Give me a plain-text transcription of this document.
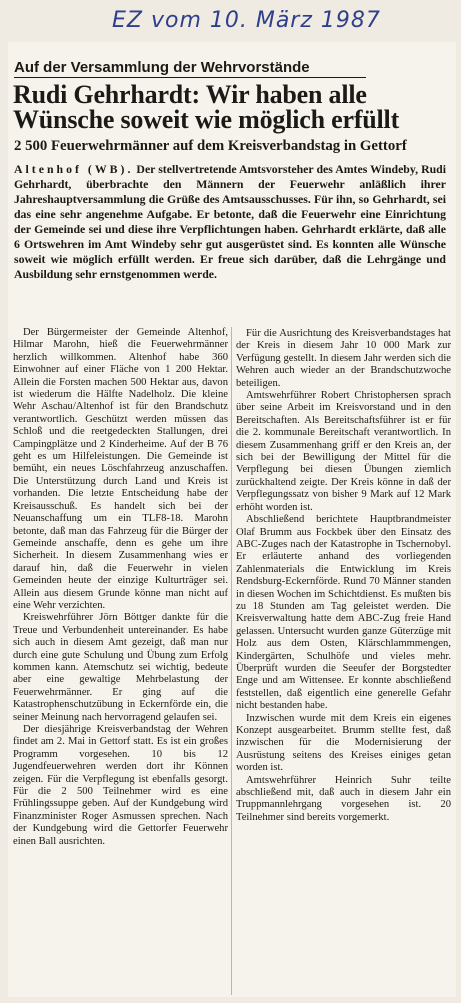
EZ vom 10. März 1987
Auf der Versammlung der Wehrvorstände
Rudi Gehrhardt: Wir haben alle Wünsche soweit wie möglich erfüllt
2 500 Feuerwehrmänner auf dem Kreisverbandstag in Gettorf
Altenhof (WB). Der stellvertretende Amtsvorsteher des Amtes Windeby, Rudi Gehrhardt, überbrachte den Männern der Feuerwehr anläßlich ihrer Jahreshauptversammlung die Grüße des Amtsausschusses. Für ihn, so Gehrhardt, sei das eine sehr angenehme Aufgabe. Er betonte, daß die Feuerwehr eine Einrichtung der Gemeinde sei und diese ihre Verpflichtungen haben. Gehrhardt erklärte, daß alle 6 Ortswehren im Amt Windeby sehr gut ausgerüstet sind. Es konnten alle Wünsche soweit wie möglich erfüllt werden. Er freue sich darüber, daß die Lehrgänge und Ausbildung sehr ernstgenommen werde.

Der Bürgermeister der Gemeinde Altenhof, Hilmar Marohn, hieß die Feuerwehrmänner herzlich willkommen. Altenhof habe 360 Einwohner auf einer Fläche von 1 200 Hektar. Allein die Forsten machen 500 Hektar aus, davon ist wiederum die Hälfte Nadelholz. Die kleine Wehr Aschau/Altenhof ist für den Brandschutz verantwortlich. Geschützt werden müssen das Schloß und die reetgedeckten Stallungen, drei Campingplätze und 2 Kinderheime. Auf der B 76 geht es um Hilfeleistungen. Die Gemeinde ist bemüht, ein neues Löschfahrzeug anzuschaffen. Die Unterstützung durch Land und Kreis ist vorhanden. Die letzte Entscheidung habe der Kreisausschuß. Es handelt sich bei der Neuanschaffung um ein TLF8-18. Marohn betonte, daß man das Fahrzeug für die Bürger der Gemeinde anschaffe, denn es gehe um ihre Sicherheit. In diesem Zusammenhang wies er darauf hin, daß die Feuerwehr in vielen Gemeinden heute der einzige Kulturträger sei. Allein aus diesem Grunde könne man nicht auf eine Wehr verzichten.

Kreiswehrführer Jörn Böttger dankte für die Treue und Verbundenheit untereinander. Es habe sich auch in diesem Amt gezeigt, daß man nur durch eine gute Schulung und Übung zum Erfolg kommen kann. Atemschutz sei wichtig, bedeute aber eine gewaltige Mehrbelastung der Feuerwehrmänner. Er ging auf die Katastrophenschutzübung in Eckernförde ein, die seiner Meinung nach hervorragend gelaufen sei.

Der diesjährige Kreisverbandstag der Wehren findet am 2. Mai in Gettorf statt. Es ist ein großes Programm vorgesehen. 10 bis 12 Jugendfeuerwehren werden dort ihr Können zeigen. Für die Verpflegung ist ebenfalls gesorgt. Für die 2 500 Teilnehmer wird es eine Frühlingssuppe geben. Auf der Kundgebung wird Finanzminister Roger Asmussen sprechen. Nach der Kundgebung wird die Gettorfer Feuerwehr einen Ball ausrichten.

Für die Ausrichtung des Kreisverbandstages hat der Kreis in diesem Jahr 10 000 Mark zur Verfügung gestellt. In diesem Jahr werden sich die Wehren auch wieder an der Brandschutzwoche beteiligen.

Amtswehrführer Robert Christophersen sprach über seine Arbeit im Kreisvorstand und in den Bereitschaften. Als Bereitschaftsführer ist er für die 2. kommunale Bereitschaft verantwortlich. In diesem Zusammenhang griff er den Kreis an, der sich bei der Bewilligung der Mittel für die Verpflegung bei diesen Übungen ziemlich zurückhaltend zeigte. Der Kreis könne in daß der Verpflegungssatz von bisher 9 Mark auf 12 Mark erhöht worden ist.

Abschließend berichtete Hauptbrandmeister Olaf Brumm aus Fockbek über den Einsatz des ABC-Zuges nach der Katastrophe in Tschernobyl. Er erläuterte anhand des vorliegenden Zahlenmaterials die Entwicklung im Kreis Rendsburg-Eckernförde. Rund 70 Männer standen in diesen Wochen im Schichtdienst. Es mußten bis zu 18 Stunden am Tag geleistet werden. Die Kreisverwaltung hatte dem ABC-Zug freie Hand gelassen. Untersucht wurden ganze Güterzüge mit Holz aus dem Osten, Klärschlammmengen, Kindergärten, Schulhöfe und vieles mehr. Überprüft wurden die Seeufer der Borgstedter Enge und am Wittensee. Er konnte abschließend feststellen, daß eigentlich eine generelle Gefahr nicht bestanden habe.

Inzwischen wurde mit dem Kreis ein eigenes Konzept ausgearbeitet. Brumm stellte fest, daß inzwischen für die Modernisierung der Ausrüstung seitens des Kreises einiges getan worden ist.

Amtswehrführer Heinrich Suhr teilte abschließend mit, daß auch in diesem Jahr ein Truppmannlehrgang vorgesehen ist. 20 Teilnehmer sind bereits vorgemerkt.
